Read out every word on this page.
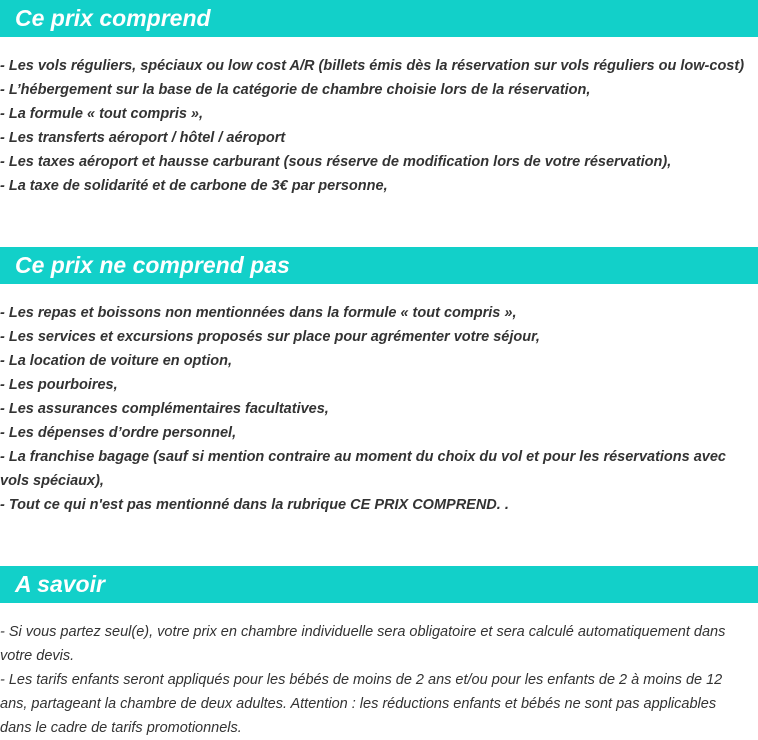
Ce prix comprend
- Les vols réguliers, spéciaux ou low cost A/R (billets émis dès la réservation sur vols réguliers ou low-cost)
- L’hébergement sur la base de la catégorie de chambre choisie lors de la réservation,
- La formule « tout compris »,
- Les transferts aéroport / hôtel / aéroport
- Les taxes aéroport et hausse carburant (sous réserve de modification lors de votre réservation),
- La taxe de solidarité et de carbone de 3€ par personne,
Ce prix ne comprend pas
- Les repas et boissons non mentionnées dans la formule « tout compris »,
- Les services et excursions proposés sur place pour agrémenter votre séjour,
- La location de voiture en option,
- Les pourboires,
- Les assurances complémentaires facultatives,
- Les dépenses d’ordre personnel,
- La franchise bagage (sauf si mention contraire au moment du choix du vol et pour les réservations avec vols spéciaux),
- Tout ce qui n'est pas mentionné dans la rubrique CE PRIX COMPREND. .
A savoir
- Si vous partez seul(e), votre prix en chambre individuelle sera obligatoire et sera calculé automatiquement dans votre devis.
- Les tarifs enfants seront appliqués pour les bébés de moins de 2 ans et/ou pour les enfants de 2 à moins de 12 ans, partageant la chambre de deux adultes. Attention : les réductions enfants et bébés ne sont pas applicables dans le cadre de tarifs promotionnels.
